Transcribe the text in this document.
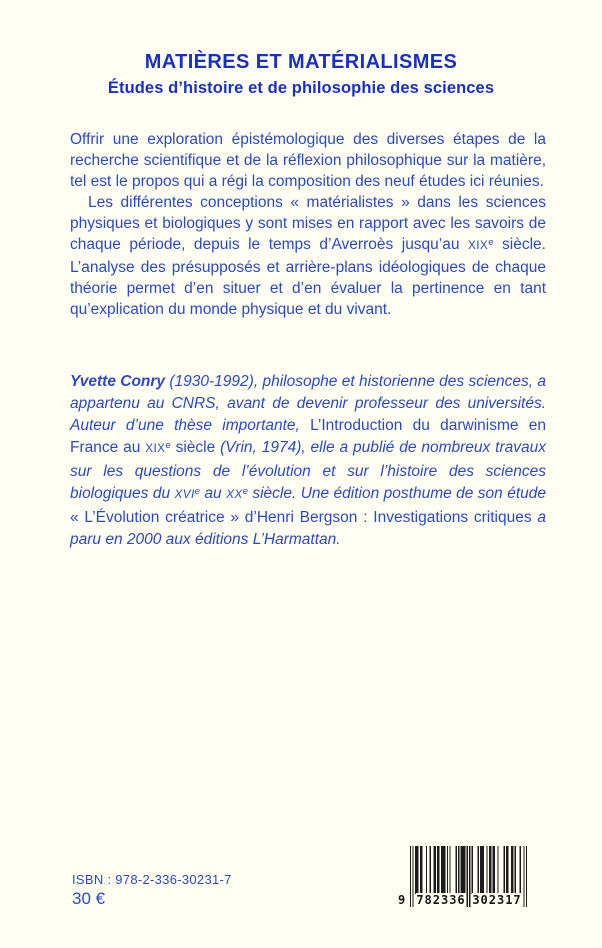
MATIÈRES ET MATÉRIALISMES
Études d’histoire et de philosophie des sciences

Offrir une exploration épistémologique des diverses étapes de la recherche scientifique et de la réflexion philosophique sur la matière, tel est le propos qui a régi la composition des neuf études ici réunies.

Les différentes conceptions « matérialistes » dans les sciences physiques et biologiques y sont mises en rapport avec les savoirs de chaque période, depuis le temps d’Averroès jusqu’au XIXe siècle. L’analyse des présupposés et arrière-plans idéologiques de chaque théorie permet d’en situer et d’en évaluer la pertinence en tant qu’explication du monde physique et du vivant.

Yvette Conry (1930-1992), philosophe et historienne des sciences, a appartenu au CNRS, avant de devenir professeur des universités. Auteur d’une thèse importante, L’Introduction du darwinisme en France au XIXe siècle (Vrin, 1974), elle a publié de nombreux travaux sur les questions de l’évolution et sur l’histoire des sciences biologiques du XVIe au XXe siècle. Une édition posthume de son étude « L’Évolution créatrice » d’Henri Bergson : Investigations critiques a paru en 2000 aux éditions L’Harmattan.
ISBN : 978-2-336-30231-7
30 €	9 782336 302317
